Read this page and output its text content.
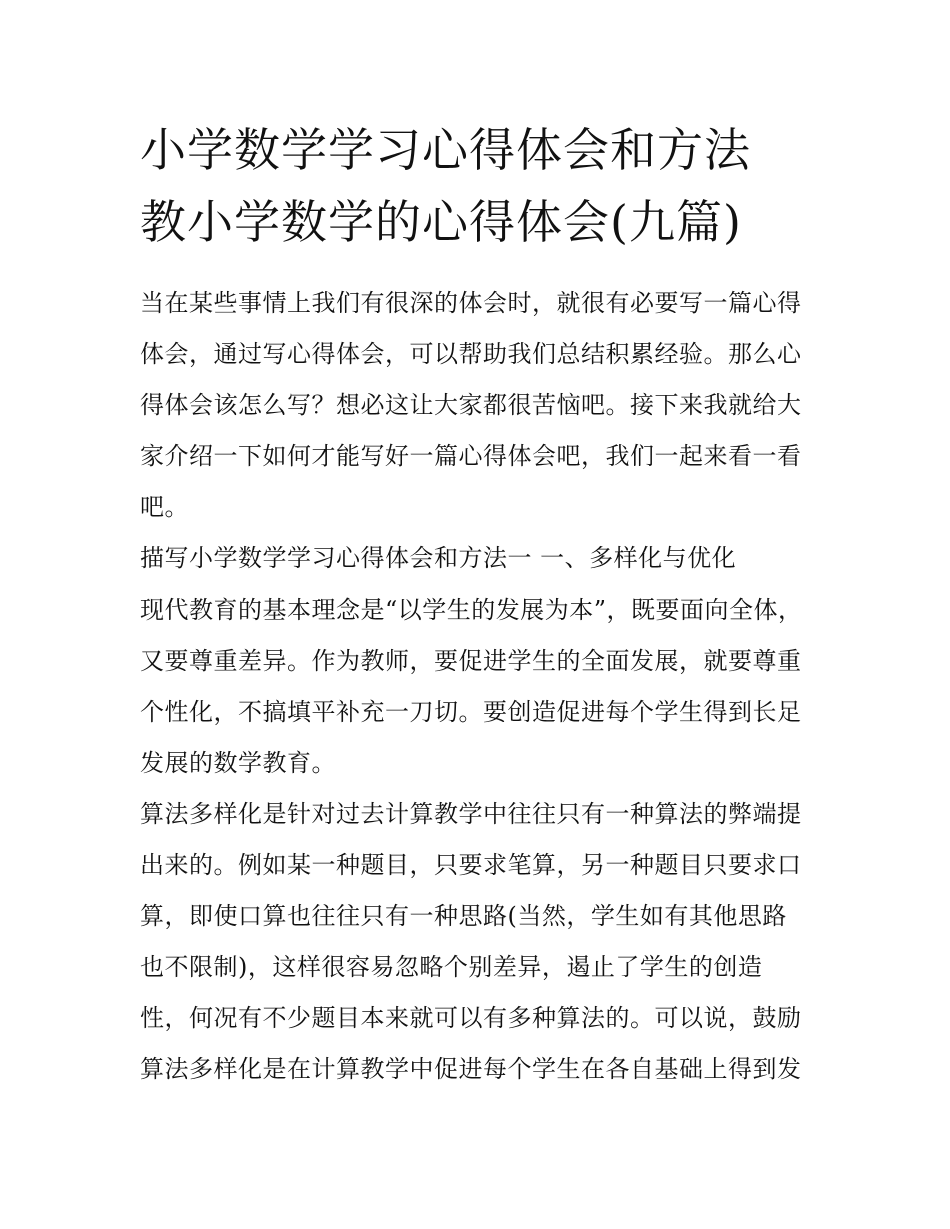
小学数学学习心得体会和方法
教小学数学的心得体会(九篇)
当在某些事情上我们有很深的体会时，就很有必要写一篇心得
体会，通过写心得体会，可以帮助我们总结积累经验。那么心
得体会该怎么写？想必这让大家都很苦恼吧。接下来我就给大
家介绍一下如何才能写好一篇心得体会吧，我们一起来看一看
吧。
描写小学数学学习心得体会和方法一 一、多样化与优化
现代教育的基本理念是“以学生的发展为本”，既要面向全体，
又要尊重差异。作为教师，要促进学生的全面发展，就要尊重
个性化，不搞填平补充一刀切。要创造促进每个学生得到长足
发展的数学教育。
算法多样化是针对过去计算教学中往往只有一种算法的弊端提
出来的。例如某一种题目，只要求笔算，另一种题目只要求口
算，即使口算也往往只有一种思路(当然，学生如有其他思路
也不限制)，这样很容易忽略个别差异，遏止了学生的创造
性，何况有不少题目本来就可以有多种算法的。可以说，鼓励
算法多样化是在计算教学中促进每个学生在各自基础上得到发
